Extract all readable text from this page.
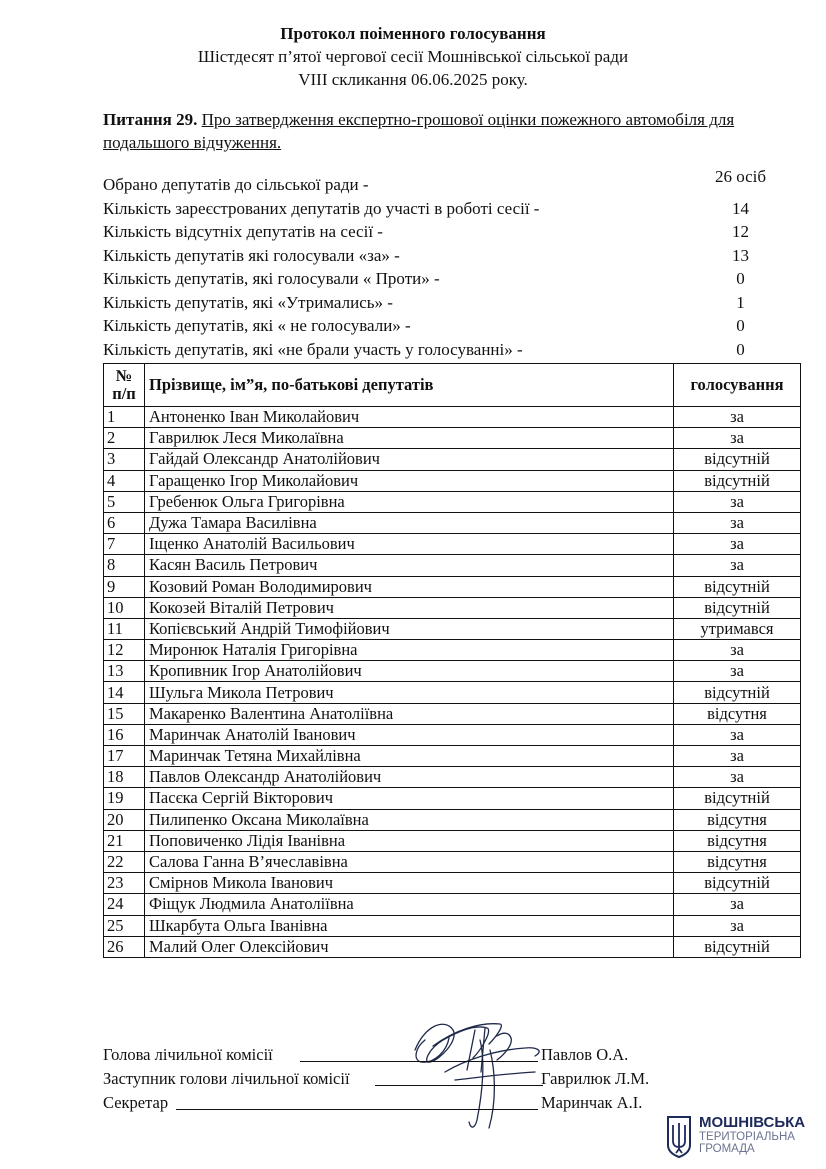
Протокол поіменного голосування
Шістдесят п’ятої чергової сесії Мошнівської сільської ради
VIII скликання 06.06.2025 року.
Питання 29. Про затвердження експертно-грошової оцінки пожежного автомобіля для подальшого відчуження.
Обрано депутатів до сільської ради -	26 осіб
Кількість зареєстрованих депутатів до участі в роботі сесії -	14
Кількість відсутніх депутатів на сесії -	12
Кількість депутатів які голосували «за» -	13
Кількість депутатів, які голосували « Проти» -	0
Кількість депутатів, які «Утримались» -	1
Кількість депутатів, які « не голосували» -	0
Кількість депутатів, які «не брали участь у голосуванні» -	0
№
п/п	Прізвище, ім”я, по-батькові депутатів	голосування
1	Антоненко Іван Миколайович	за
2	Гаврилюк Леся Миколаївна	за
3	Гайдай Олександр Анатолійович	відсутній
4	Гаращенко Ігор Миколайович	відсутній
5	Гребенюк Ольга Григорівна	за
6	Дужа Тамара Василівна	за
7	Іщенко Анатолій Васильович	за
8	Касян Василь Петрович	за
9	Козовий Роман Володимирович	відсутній
10	Кокозей Віталій Петрович	відсутній
11	Копієвський Андрій Тимофійович	утримався
12	Миронюк Наталія Григорівна	за
13	Кропивник Ігор Анатолійович	за
14	Шульга Микола Петрович	відсутній
15	Макаренко Валентина Анатоліївна	відсутня
16	Маринчак Анатолій Іванович	за
17	Маринчак Тетяна Михайлівна	за
18	Павлов Олександр Анатолійович	за
19	Пасєка Сергій Вікторович	відсутній
20	Пилипенко Оксана Миколаївна	відсутня
21	Поповиченко Лідія Іванівна	відсутня
22	Салова Ганна В’ячеславівна	відсутня
23	Смірнов Микола Іванович	відсутній
24	Фіщук Людмила Анатоліївна	за
25	Шкарбута Ольга Іванівна	за
26	Малий Олег Олексійович	відсутній
Голова лічильної комісії	Павлов О.А.
Заступник голови лічильної комісії	Гаврилюк Л.М.
Секретар	Маринчак А.І.
МОШНІВСЬКА
ТЕРИТОРІАЛЬНА
ГРОМАДА
